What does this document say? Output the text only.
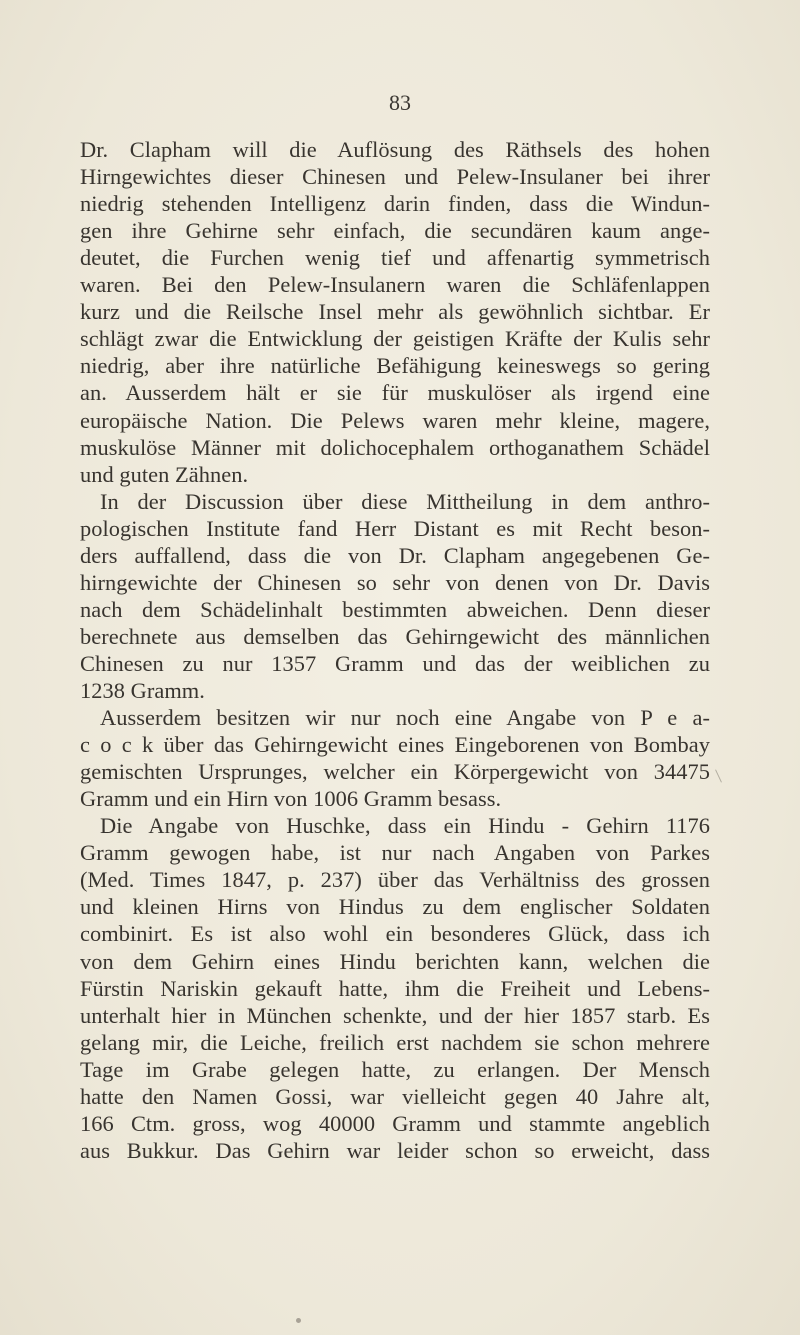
83
Dr. Clapham will die Auflösung des Räthsels des hohen
Hirngewichtes dieser Chinesen und Pelew-Insulaner bei ihrer
niedrig stehenden Intelligenz darin finden, dass die Windun-
gen ihre Gehirne sehr einfach, die secundären kaum ange-
deutet, die Furchen wenig tief und affenartig symmetrisch
waren. Bei den Pelew-Insulanern waren die Schläfenlappen
kurz und die Reilsche Insel mehr als gewöhnlich sichtbar. Er
schlägt zwar die Entwicklung der geistigen Kräfte der Kulis sehr
niedrig, aber ihre natürliche Befähigung keineswegs so gering
an. Ausserdem hält er sie für muskulöser als irgend eine
europäische Nation. Die Pelews waren mehr kleine, magere,
muskulöse Männer mit dolichocephalem orthoganathem Schädel
und guten Zähnen.
In der Discussion über diese Mittheilung in dem anthro-
pologischen Institute fand Herr Distant es mit Recht beson-
ders auffallend, dass die von Dr. Clapham angegebenen Ge-
hirngewichte der Chinesen so sehr von denen von Dr. Davis
nach dem Schädelinhalt bestimmten abweichen. Denn dieser
berechnete aus demselben das Gehirngewicht des männlichen
Chinesen zu nur 1357 Gramm und das der weiblichen zu
1238 Gramm.
Ausserdem besitzen wir nur noch eine Angabe von P e a-
c o c k über das Gehirngewicht eines Eingeborenen von Bombay
gemischten Ursprunges, welcher ein Körpergewicht von 34475
Gramm und ein Hirn von 1006 Gramm besass.
Die Angabe von Huschke, dass ein Hindu - Gehirn 1176
Gramm gewogen habe, ist nur nach Angaben von Parkes
(Med. Times 1847, p. 237) über das Verhältniss des grossen
und kleinen Hirns von Hindus zu dem englischer Soldaten
combinirt. Es ist also wohl ein besonderes Glück, dass ich
von dem Gehirn eines Hindu berichten kann, welchen die
Fürstin Nariskin gekauft hatte, ihm die Freiheit und Lebens-
unterhalt hier in München schenkte, und der hier 1857 starb. Es
gelang mir, die Leiche, freilich erst nachdem sie schon mehrere
Tage im Grabe gelegen hatte, zu erlangen. Der Mensch
hatte den Namen Gossi, war vielleicht gegen 40 Jahre alt,
166 Ctm. gross, wog 40000 Gramm und stammte angeblich
aus Bukkur. Das Gehirn war leider schon so erweicht, dass
